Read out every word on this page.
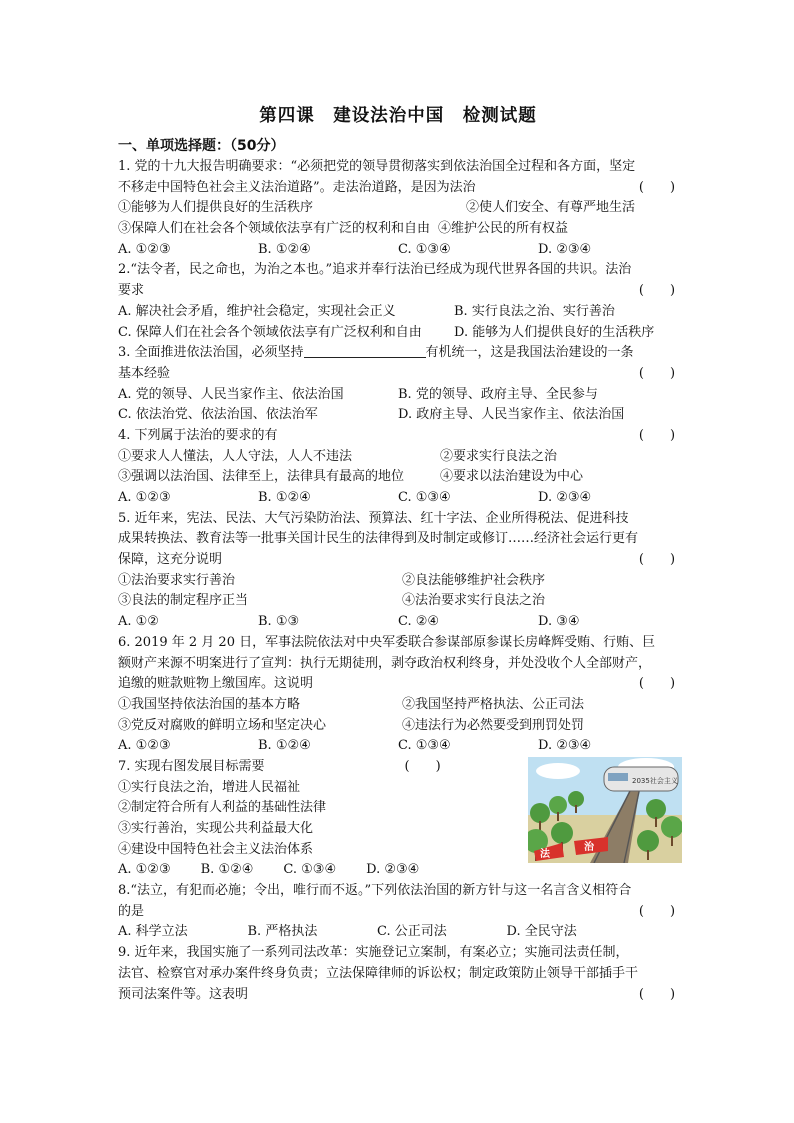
第四课　建设法治中国　检测试题
一、单项选择题：（50分）
1. 党的十九大报告明确要求：“必须把党的领导贯彻落实到依法治国全过程和各方面，坚定
不移走中国特色社会主义法治道路”。走法治道路，是因为法治	(　　)
①能够为人们提供良好的生活秩序	②使人们安全、有尊严地生活
③保障人们在社会各个领域依法享有广泛的权利和自由 ④维护公民的所有权益
A. ①②③	B. ①②④	C. ①③④	D. ②③④
2.“法令者，民之命也，为治之本也。”追求并奉行法治已经成为现代世界各国的共识。法治
要求	(　　)
A. 解决社会矛盾，维护社会稳定，实现社会正义	B. 实行良法之治、实行善治
C. 保障人们在社会各个领域依法享有广泛权利和自由	D. 能够为人们提供良好的生活秩序
3. 全面推进依法治国，必须坚持	有机统一，这是我国法治建设的一条
基本经验	(　　)
A. 党的领导、人民当家作主、依法治国	B. 党的领导、政府主导、全民参与
C. 依法治党、依法治国、依法治军	D. 政府主导、人民当家作主、依法治国
4. 下列属于法治的要求的有	(　　)
①要求人人懂法，人人守法，人人不违法	②要求实行良法之治
③强调以法治国、法律至上，法律具有最高的地位	④要求以法治建设为中心
A. ①②③	B. ①②④	C. ①③④	D. ②③④
5. 近年来，宪法、民法、大气污染防治法、预算法、红十字法、企业所得税法、促进科技
成果转换法、教育法等一批事关国计民生的法律得到及时制定或修订……经济社会运行更有
保障，这充分说明	(　　)
①法治要求实行善治	②良法能够维护社会秩序
③良法的制定程序正当	④法治要求实行良法之治
A. ①②	B. ①③	C. ②④	D. ③④
6. 2019 年 2 月 20 日，军事法院依法对中央军委联合参谋部原参谋长房峰辉受贿、行贿、巨
额财产来源不明案进行了宣判：执行无期徒刑，剥夺政治权利终身，并处没收个人全部财产，
追缴的赃款赃物上缴国库。这说明	(　　)
①我国坚持依法治国的基本方略	②我国坚持严格执法、公正司法
③党反对腐败的鲜明立场和坚定决心	④违法行为必然要受到刑罚处罚
A. ①②③	B. ①②④	C. ①③④	D. ②③④
7. 实现右图发展目标需要	(　　)
①实行良法之治，增进人民福祉
②制定符合所有人利益的基础性法律
③实行善治，实现公共利益最大化
④建设中国特色社会主义法治体系
A. ①②③ B. ①②④ C. ①③④ D. ②③④
2035社会主义
法
治
8.“法立，有犯而必施；令出，唯行而不返。”下列依法治国的新方针与这一名言含义相符合
的是	(　　)
A. 科学立法	B. 严格执法	C. 公正司法	D. 全民守法
9. 近年来，我国实施了一系列司法改革：实施登记立案制，有案必立；实施司法责任制，
法官、检察官对承办案件终身负责；立法保障律师的诉讼权；制定政策防止领导干部插手干
预司法案件等。这表明	(　　)
